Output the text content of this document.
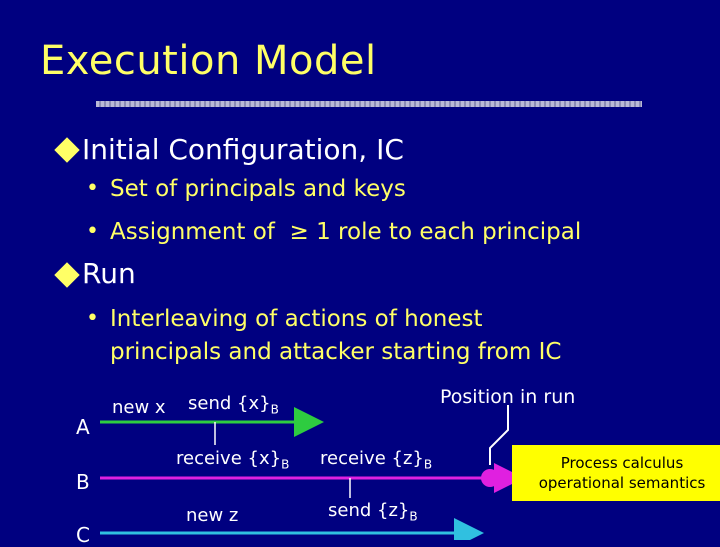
Execution Model
Initial Configuration, IC
• Set of principals and keys
• Assignment of  ≥ 1 role to each principal
Run
• Interleaving of actions of honest
principals and attacker starting from IC
A
B
C
new x send $\{x\}_B$
receive $\{x\}_B$ receive $\{z\}_B$
new z	send $\{z\}_B$
Position in run
Process calculus
operational semantics
